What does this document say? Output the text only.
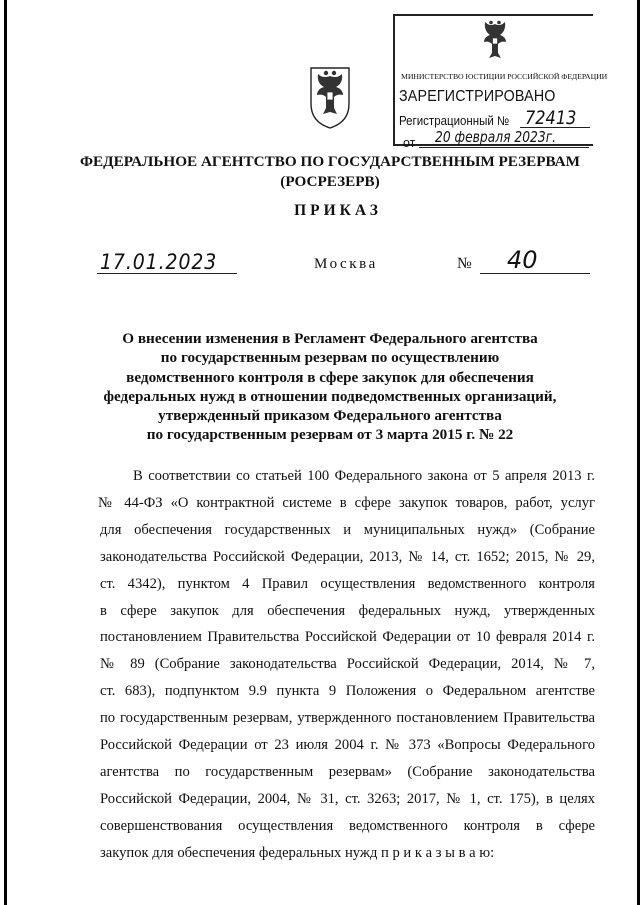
МИНИСТЕРСТВО ЮСТИЦИИ РОССИЙСКОЙ ФЕДЕРАЦИИ
ЗАРЕГИСТРИРОВАНО
Регистрационный № 72413
от 20 февраля 2023г.
ФЕДЕРАЛЬНОЕ АГЕНТСТВО ПО ГОСУДАРСТВЕННЫМ РЕЗЕРВАМ
(РОСРЕЗЕРВ)
ПРИКАЗ
17.01.2023	Москва	№ 40
О внесении изменения в Регламент Федерального агентства
по государственным резервам по осуществлению
ведомственного контроля в сфере закупок для обеспечения
федеральных нужд в отношении подведомственных организаций,
утвержденный приказом Федерального агентства
по государственным резервам от 3 марта 2015 г. № 22
В соответствии со статьей 100 Федерального закона от 5 апреля 2013 г.
№ 44-ФЗ «О контрактной системе в сфере закупок товаров, работ, услуг
для обеспечения государственных и муниципальных нужд» (Собрание
законодательства Российской Федерации, 2013, № 14, ст. 1652; 2015, № 29,
ст. 4342), пунктом 4 Правил осуществления ведомственного контроля
в сфере закупок для обеспечения федеральных нужд, утвержденных
постановлением Правительства Российской Федерации от 10 февраля 2014 г.
№ 89 (Собрание законодательства Российской Федерации, 2014, № 7,
ст. 683), подпунктом 9.9 пункта 9 Положения о Федеральном агентстве
по государственным резервам, утвержденного постановлением Правительства
Российской Федерации от 23 июля 2004 г. № 373 «Вопросы Федерального
агентства по государственным резервам» (Собрание законодательства
Российской Федерации, 2004, № 31, ст. 3263; 2017, № 1, ст. 175), в целях
совершенствования осуществления ведомственного контроля в сфере
закупок для обеспечения федеральных нужд п р и к а з ы в а ю:
